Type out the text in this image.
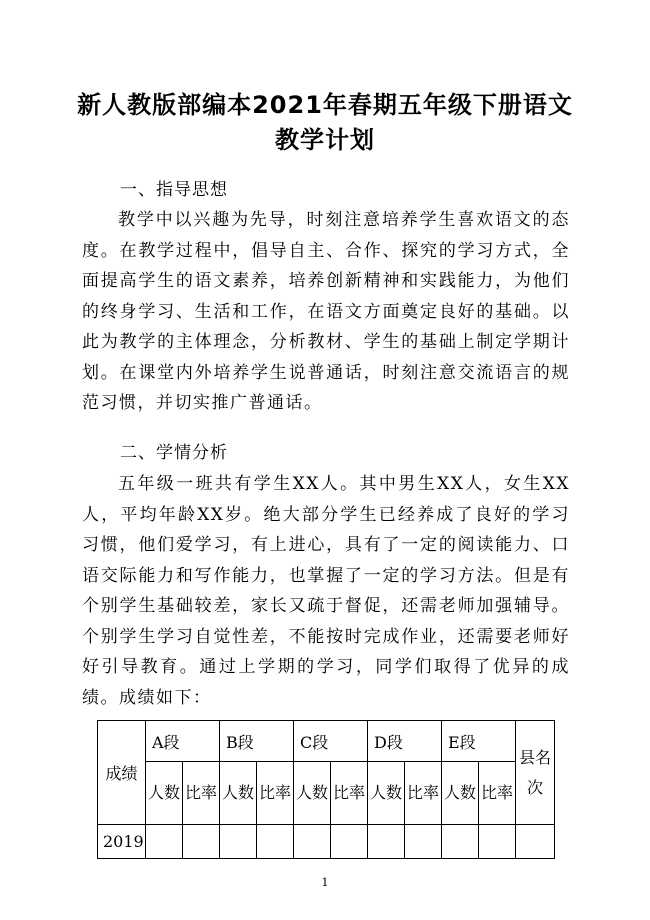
新人教版部编本2021年春期五年级下册语文
教学计划
一、指导思想
教学中以兴趣为先导，时刻注意培养学生喜欢语文的态度。在教学过程中，倡导自主、合作、探究的学习方式，全面提高学生的语文素养，培养创新精神和实践能力，为他们的终身学习、生活和工作，在语文方面奠定良好的基础。以此为教学的主体理念，分析教材、学生的基础上制定学期计划。在课堂内外培养学生说普通话，时刻注意交流语言的规范习惯，并切实推广普通话。
二、学情分析
五年级一班共有学生XX人。其中男生XX人，女生XX人，平均年龄XX岁。绝大部分学生已经养成了良好的学习习惯，他们爱学习，有上进心，具有了一定的阅读能力、口语交际能力和写作能力，也掌握了一定的学习方法。但是有个别学生基础较差，家长又疏于督促，还需老师加强辅导。个别学生学习自觉性差，不能按时完成作业，还需要老师好好引导教育。通过上学期的学习，同学们取得了优异的成绩。成绩如下：
成绩	A段		B段		C段		D段		E段		县名次
	人数	比率	人数	比率	人数	比率	人数	比率	人数	比率	
2019											
1
